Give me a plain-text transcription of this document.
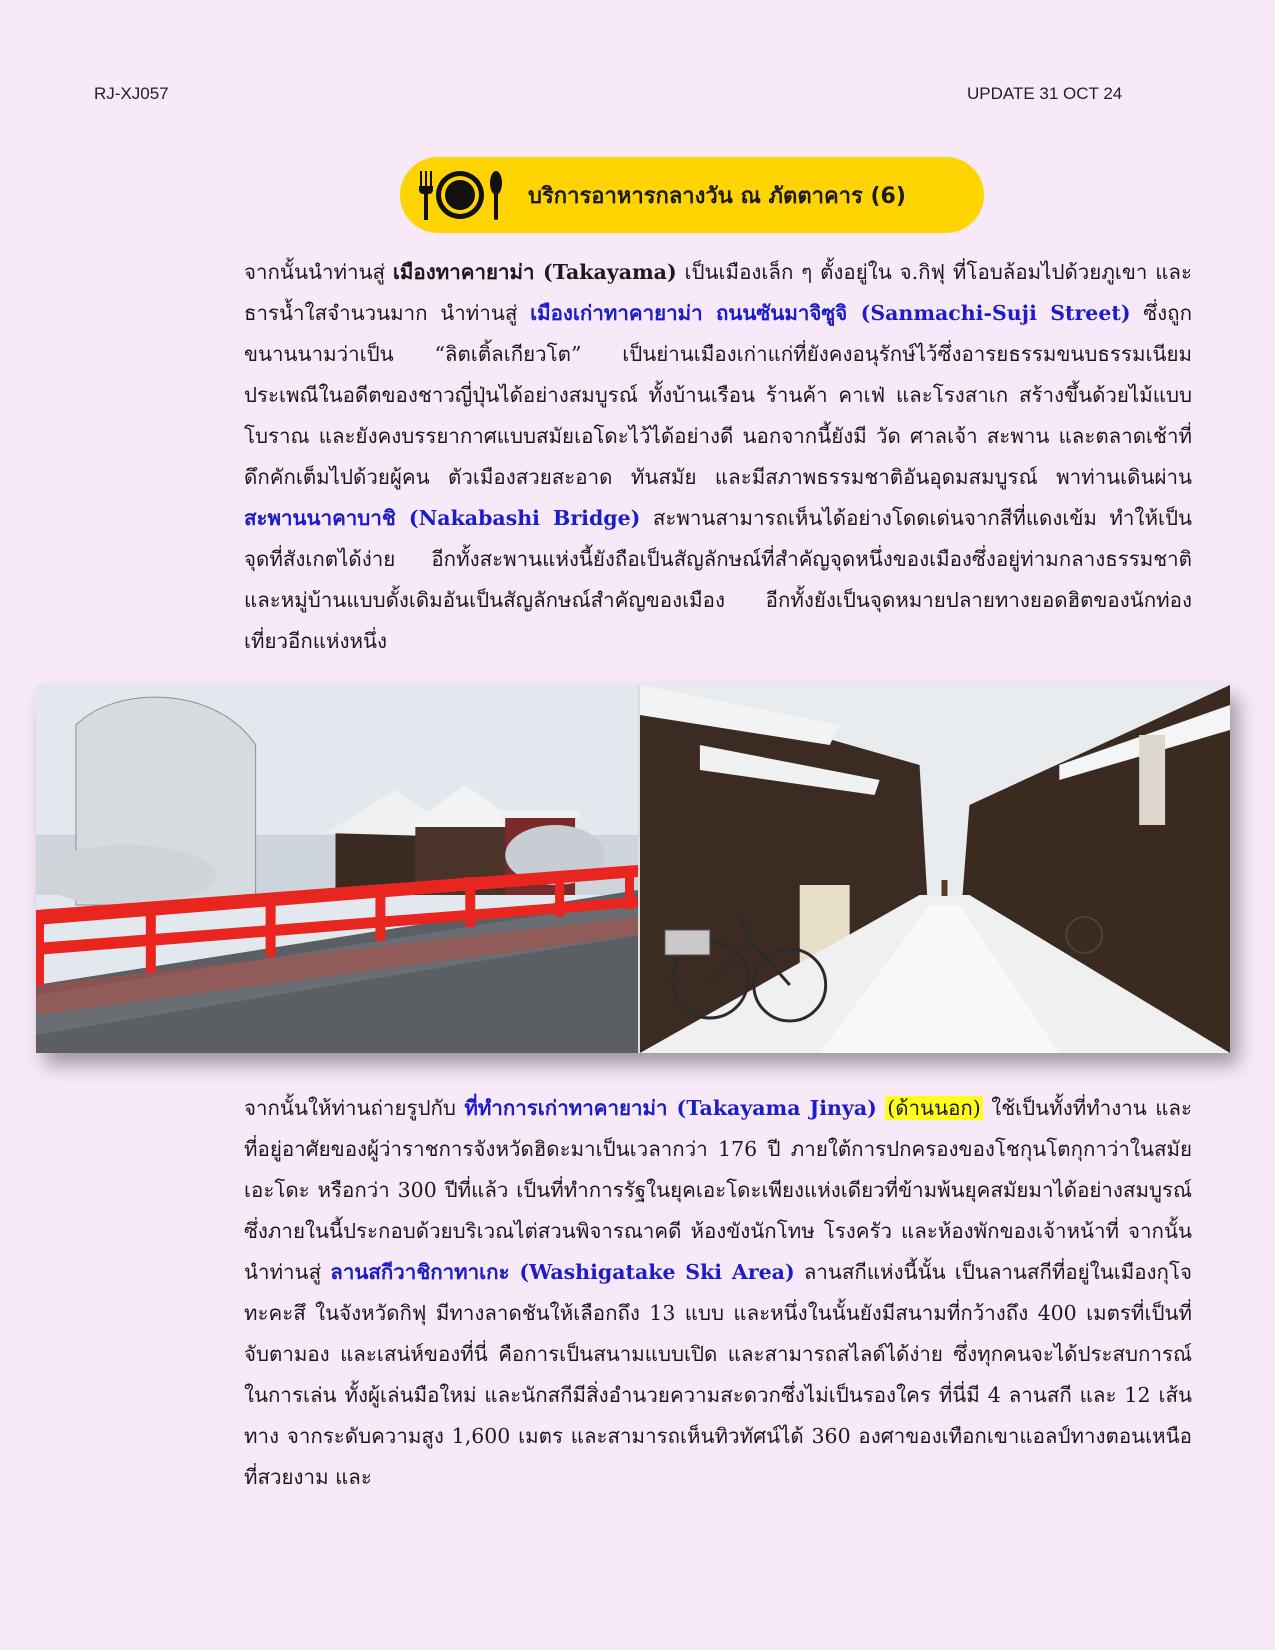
RJ-XJ057	UPDATE 31 OCT 24
บริการอาหารกลางวัน ณ ภัตตาคาร (6)

จากนั้นนำท่านสู่ เมืองทาคายาม่า (Takayama) เป็นเมืองเล็ก ๆ ตั้งอยู่ใน จ.กิฟุ ที่โอบล้อมไปด้วยภูเขา และธารน้ำใสจำนวนมาก นำท่านสู่ เมืองเก่าทาคายาม่า ถนนซันมาจิซูจิ (Sanmachi-Suji Street) ซึ่งถูกขนานนามว่าเป็น “ลิตเติ้ลเกียวโต” เป็นย่านเมืองเก่าแก่ที่ยังคงอนุรักษ์ไว้ซึ่งอารยธรรมขนบธรรมเนียมประเพณีในอดีตของชาวญี่ปุ่นได้อย่างสมบูรณ์ ทั้งบ้านเรือน ร้านค้า คาเฟ่ และโรงสาเก สร้างขึ้นด้วยไม้แบบโบราณ และยังคงบรรยากาศแบบสมัยเอโดะไว้ได้อย่างดี นอกจากนี้ยังมี วัด ศาลเจ้า สะพาน และตลาดเช้าที่ดึกคักเต็มไปด้วยผู้คน ตัวเมืองสวยสะอาด ทันสมัย และมีสภาพธรรมชาติอันอุดมสมบูรณ์ พาท่านเดินผ่าน สะพานนาคาบาชิ (Nakabashi Bridge) สะพานสามารถเห็นได้อย่างโดดเด่นจากสีที่แดงเข้ม ทำให้เป็นจุดที่สังเกตได้ง่าย อีกทั้งสะพานแห่งนี้ยังถือเป็นสัญลักษณ์ที่สำคัญจุดหนึ่งของเมืองซึ่งอยู่ท่ามกลางธรรมชาติ และหมู่บ้านแบบดั้งเดิมอันเป็นสัญลักษณ์สำคัญของเมือง อีกทั้งยังเป็นจุดหมายปลายทางยอดฮิตของนักท่องเที่ยวอีกแห่งหนึ่ง

จากนั้นให้ท่านถ่ายรูปกับ ที่ทำการเก่าทาคายาม่า (Takayama Jinya) (ด้านนอก) ใช้เป็นทั้งที่ทำงาน และที่อยู่อาศัยของผู้ว่าราชการจังหวัดฮิดะมาเป็นเวลากว่า 176 ปี ภายใต้การปกครองของโชกุนโตกุกาว่าในสมัยเอะโดะ หรือกว่า 300 ปีที่แล้ว เป็นที่ทำการรัฐในยุคเอะโดะเพียงแห่งเดียวที่ข้ามพ้นยุคสมัยมาได้อย่างสมบูรณ์ ซึ่งภายในนี้ประกอบด้วยบริเวณไต่สวนพิจารณาคดี ห้องขังนักโทษ โรงครัว และห้องพักของเจ้าหน้าที่ จากนั้นนำท่านสู่ ลานสกีวาชิกาทาเกะ (Washigatake Ski Area) ลานสกีแห่งนี้นั้น เป็นลานสกีที่อยู่ในเมืองกุโจ ทะคะสึ ในจังหวัดกิฟุ มีทางลาดชันให้เลือกถึง 13 แบบ และหนึ่งในนั้นยังมีสนามที่กว้างถึง 400 เมตรที่เป็นที่จับตามอง และเสน่ห์ของที่นี่ คือการเป็นสนามแบบเปิด และสามารถสไลด์ได้ง่าย ซึ่งทุกคนจะได้ประสบการณ์ในการเล่น ทั้งผู้เล่นมือใหม่ และนักสกีมีสิ่งอำนวยความสะดวกซึ่งไม่เป็นรองใคร ที่นี่มี 4 ลานสกี และ 12 เส้นทาง จากระดับความสูง 1,600 เมตร และสามารถเห็นทิวทัศน์ได้ 360 องศาของเทือกเขาแอลป์ทางตอนเหนือที่สวยงาม และ
